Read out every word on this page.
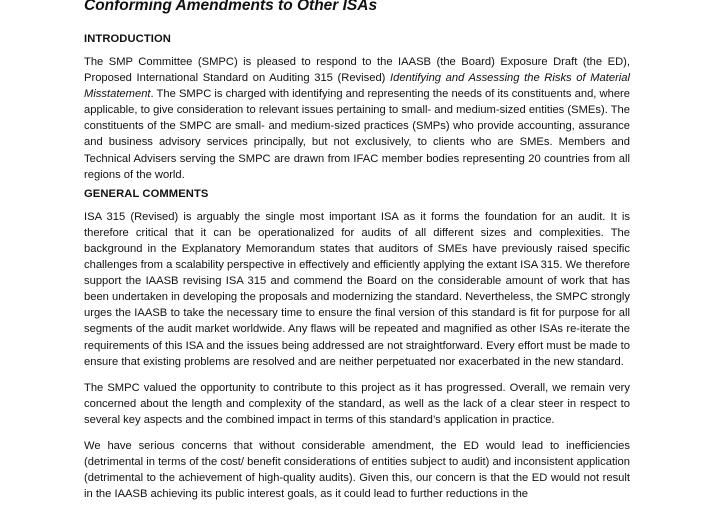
Conforming Amendments to Other ISAs
INTRODUCTION

The SMP Committee (SMPC) is pleased to respond to the IAASB (the Board) Exposure Draft (the ED), Proposed International Standard on Auditing 315 (Revised) Identifying and Assessing the Risks of Material Misstatement. The SMPC is charged with identifying and representing the needs of its constituents and, where applicable, to give consideration to relevant issues pertaining to small- and medium-sized entities (SMEs). The constituents of the SMPC are small- and medium-sized practices (SMPs) who provide accounting, assurance and business advisory services principally, but not exclusively, to clients who are SMEs. Members and Technical Advisers serving the SMPC are drawn from IFAC member bodies representing 20 countries from all regions of the world.

GENERAL COMMENTS

ISA 315 (Revised) is arguably the single most important ISA as it forms the foundation for an audit. It is therefore critical that it can be operationalized for audits of all different sizes and complexities. The background in the Explanatory Memorandum states that auditors of SMEs have previously raised specific challenges from a scalability perspective in effectively and efficiently applying the extant ISA 315. We therefore support the IAASB revising ISA 315 and commend the Board on the considerable amount of work that has been undertaken in developing the proposals and modernizing the standard. Nevertheless, the SMPC strongly urges the IAASB to take the necessary time to ensure the final version of this standard is fit for purpose for all segments of the audit market worldwide. Any flaws will be repeated and magnified as other ISAs re-iterate the requirements of this ISA and the issues being addressed are not straightforward. Every effort must be made to ensure that existing problems are resolved and are neither perpetuated nor exacerbated in the new standard.

The SMPC valued the opportunity to contribute to this project as it has progressed. Overall, we remain very concerned about the length and complexity of the standard, as well as the lack of a clear steer in respect to several key aspects and the combined impact in terms of this standard’s application in practice.

We have serious concerns that without considerable amendment, the ED would lead to inefficiencies (detrimental in terms of the cost/ benefit considerations of entities subject to audit) and inconsistent application (detrimental to the achievement of high-quality audits). Given this, our concern is that the ED would not result in the IAASB achieving its public interest goals, as it could lead to further reductions in the
